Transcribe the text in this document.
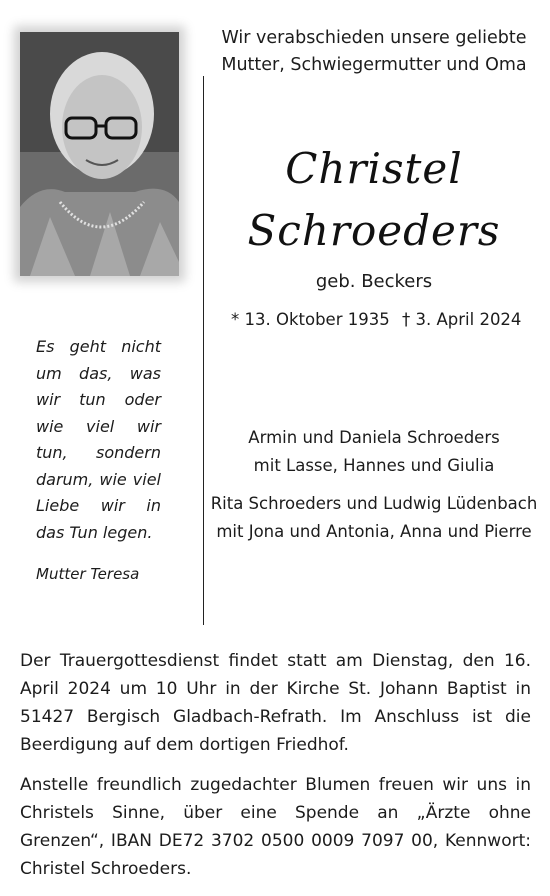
Wir verabschieden unsere geliebte
Mutter, Schwiegermutter und Oma
Christel
Schroeders
geb. Beckers
* 13. Oktober 1935 † 3. April 2024
Es geht nicht um das, was wir tun oder wie viel wir tun, sondern darum, wie viel Liebe wir in das Tun legen.
Mutter Teresa
Armin und Daniela Schroeders
mit Lasse, Hannes und Giulia
Rita Schroeders und Ludwig Lüdenbach
mit Jona und Antonia, Anna und Pierre
Der Trauergottesdienst findet statt am Dienstag, den 16. April 2024 um 10 Uhr in der Kirche St. Johann Baptist in 51427 Bergisch Gladbach-Refrath. Im Anschluss ist die Beerdigung auf dem dortigen Friedhof.
Anstelle freundlich zugedachter Blumen freuen wir uns in Christels Sinne, über eine Spende an „Ärzte ohne Grenzen“, IBAN DE72 3702 0500 0009 7097 00, Kennwort: Christel Schroeders.
